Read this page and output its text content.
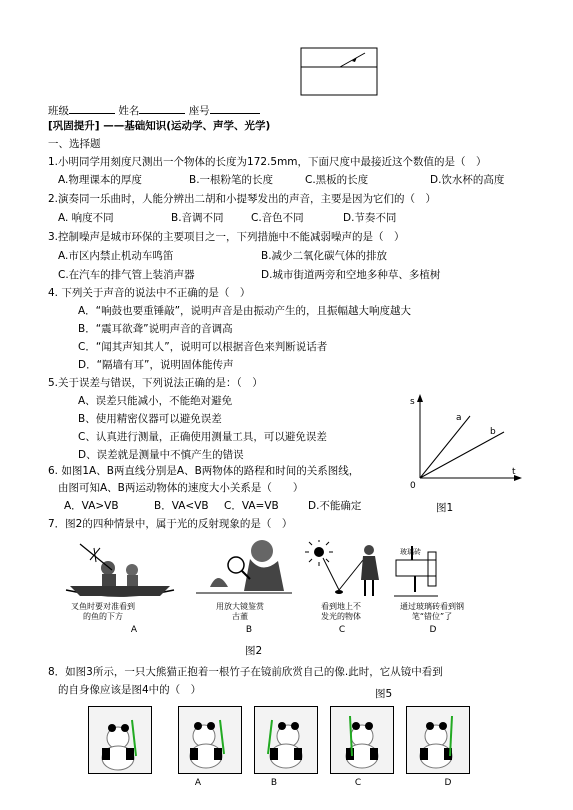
班级	姓名	座号
[巩固提升] ——基础知识(运动学、声学、光学)
一、选择题
1.小明同学用刻度尺测出一个物体的长度为172.5mm，下面尺度中最接近这个数值的是（　）
A.物理课本的厚度	B.一根粉笔的长度	C.黑板的长度	D.饮水杯的高度
2.演奏同一乐曲时，人能分辨出二胡和小提琴发出的声音，主要是因为它们的（　）
A. 响度不同	B.音调不同	C.音色不同	D.节奏不同
3.控制噪声是城市环保的主要项目之一，下列措施中不能减弱噪声的是（　）
A.市区内禁止机动车鸣笛	B.减少二氧化碳气体的排放
C.在汽车的排气管上装消声器	D.城市街道两旁和空地多种草、多植树
4. 下列关于声音的说法中不正确的是（　）
A．“响鼓也要重锤敲”，说明声音是由振动产生的，且振幅越大响度越大
B．“震耳欲聋”说明声音的音调高
C．“闻其声知其人”，说明可以根据音色来判断说话者
D．“隔墙有耳”，说明固体能传声
5.关于误差与错误，下列说法正确的是：（　）
A、误差只能减小，不能绝对避免
B、使用精密仪器可以避免误差
C、认真进行测量，正确使用测量工具，可以避免误差
D、误差就是测量中不慎产生的错误
s
t
0
a
b
图1
6. 如图1A、B两直线分别是A、B两物体的路程和时间的关系图线，
由图可知A、B两运动物体的速度大小关系是（　　）
A．VA>VB	B．VA<VB C．VA=VB	D.不能确定
7．图2的四种情景中，属于光的反射现象的是（　）
叉鱼时要对准看到的鱼的下方
A
用放大镜鉴赏古董
B
看到地上不发光的物体
C
玻璃砖
通过玻璃砖看到钢笔“错位”了
D
图2
8．如图3所示，一只大熊猫正抱着一根竹子在镜前欣赏自己的像.此时，它从镜中看到
的自身像应该是图4中的（　）	图5
A	B	C	D
